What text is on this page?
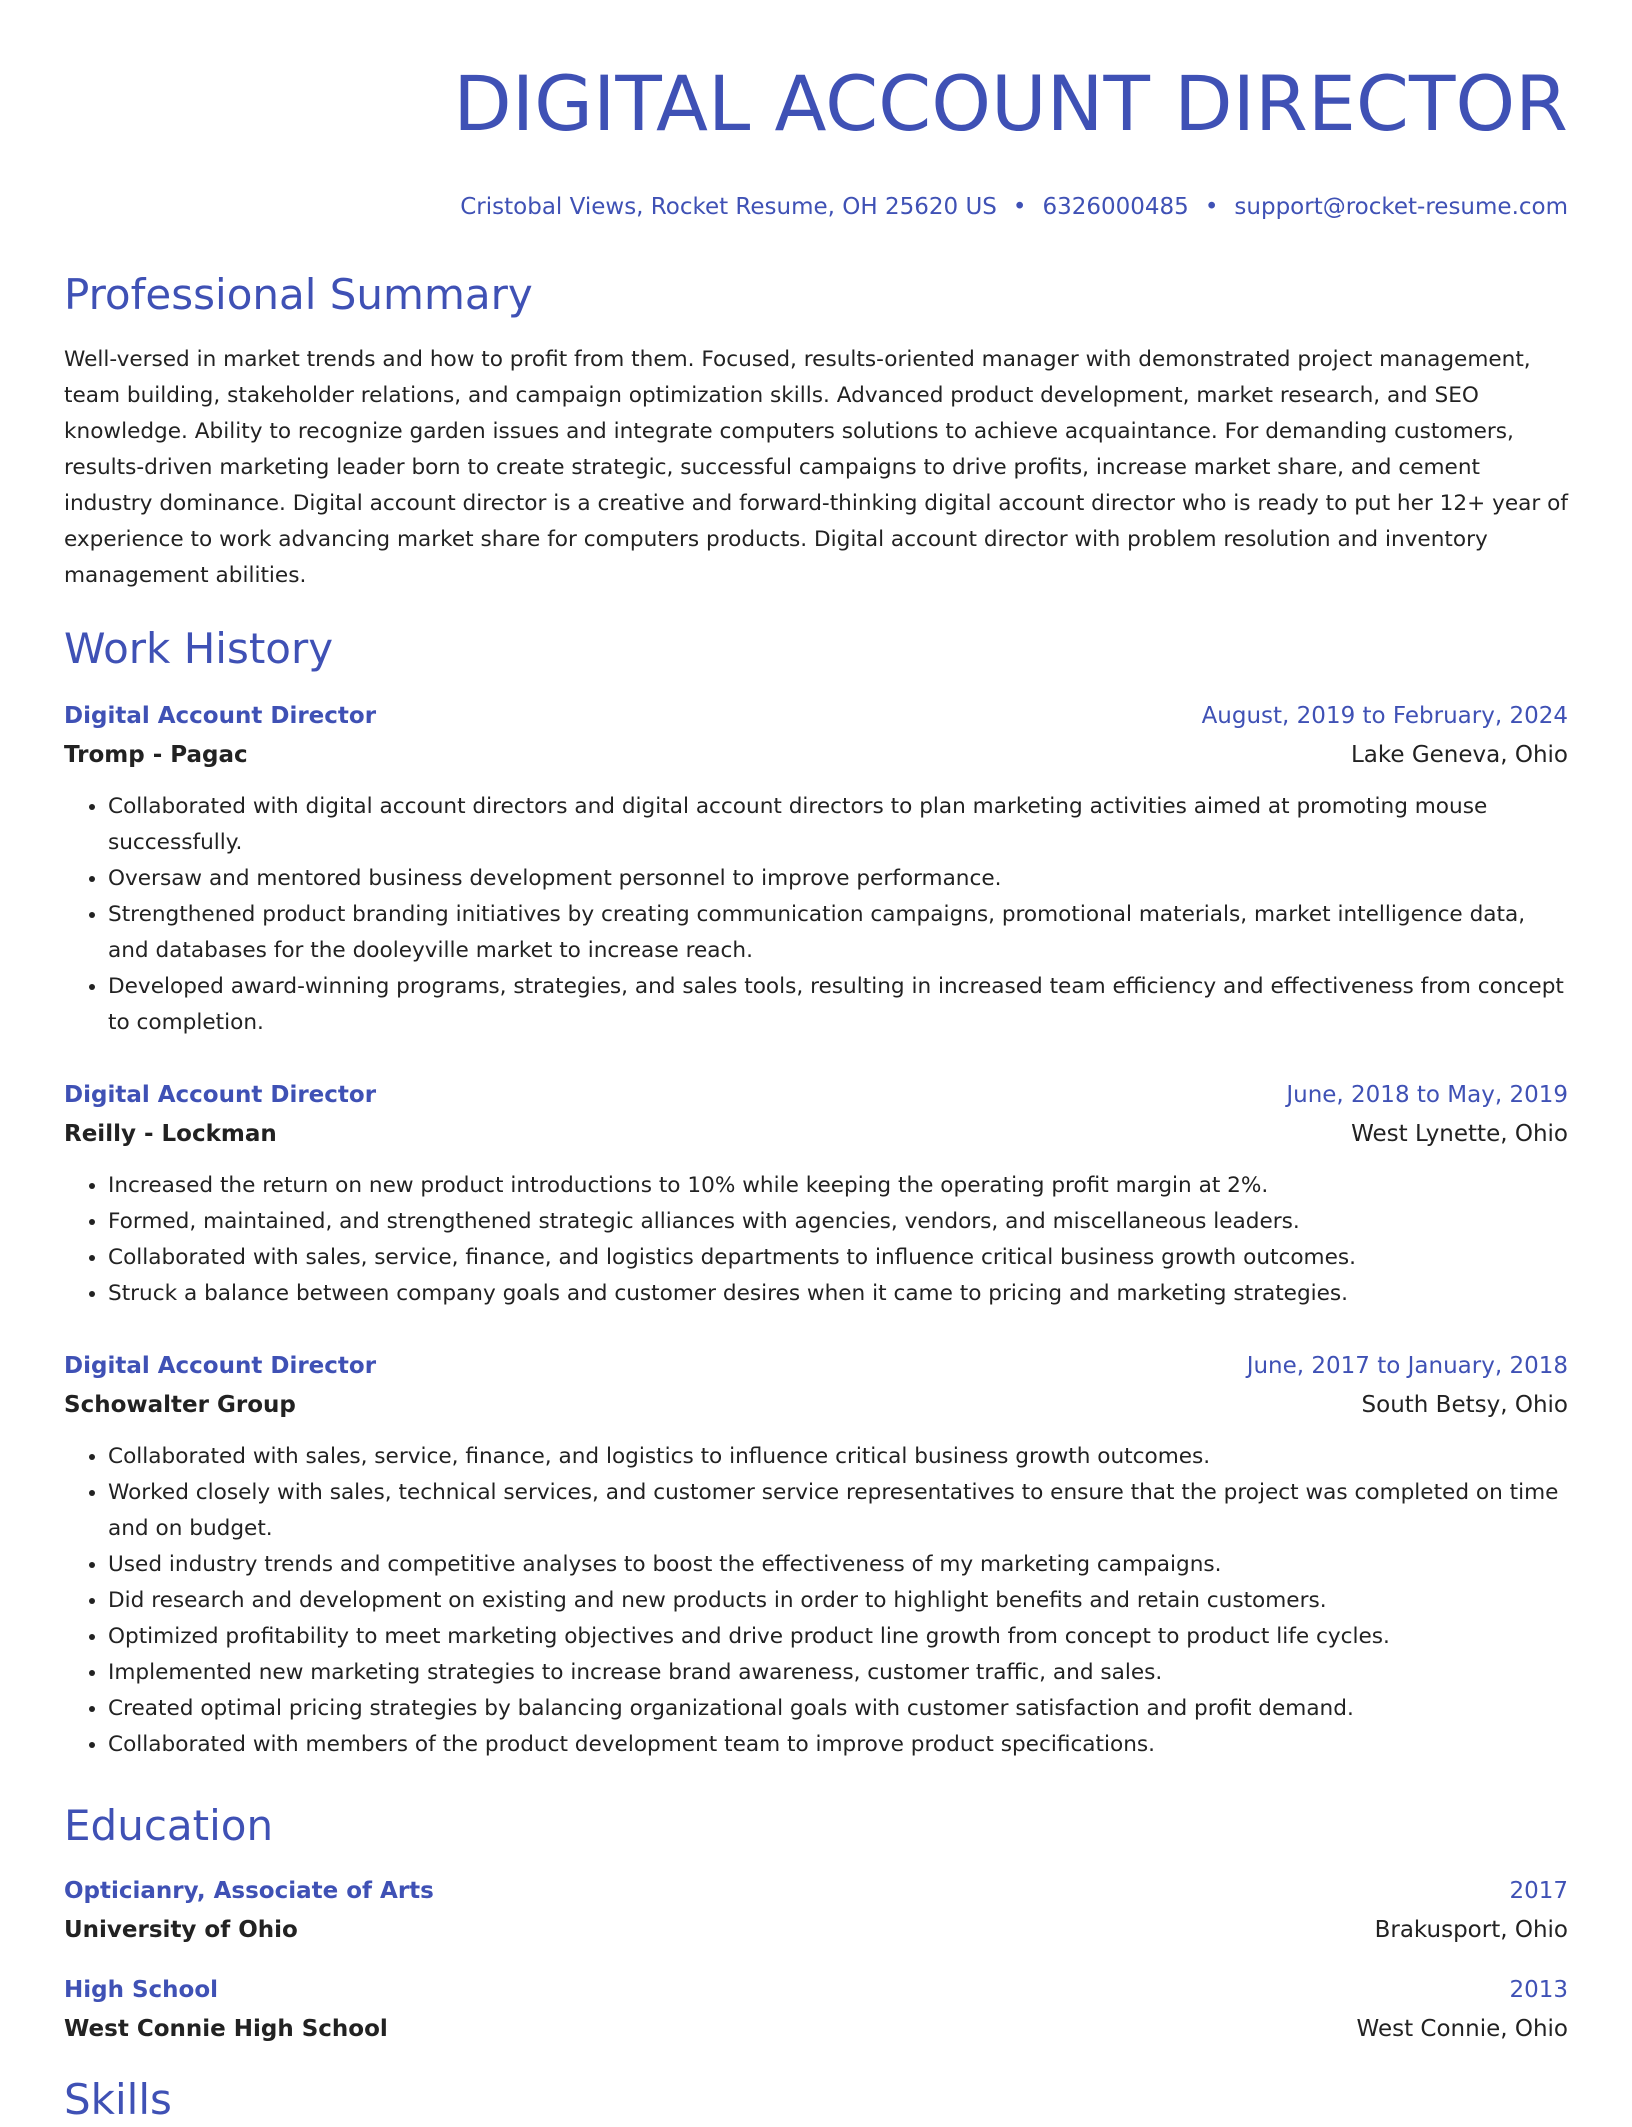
DIGITAL ACCOUNT DIRECTOR
Cristobal Views, Rocket Resume, OH 25620 US • 6326000485 • support@rocket-resume.com
Professional Summary

Well-versed in market trends and how to profit from them. Focused, results-oriented manager with demonstrated project management, team building, stakeholder relations, and campaign optimization skills. Advanced product development, market research, and SEO knowledge. Ability to recognize garden issues and integrate computers solutions to achieve acquaintance. For demanding customers, results-driven marketing leader born to create strategic, successful campaigns to drive profits, increase market share, and cement industry dominance. Digital account director is a creative and forward-thinking digital account director who is ready to put her 12+ year of experience to work advancing market share for computers products. Digital account director with problem resolution and inventory management abilities.

Work History
Digital Account Director	August, 2019 to February, 2024
Tromp - Pagac	Lake Geneva, Ohio
• Collaborated with digital account directors and digital account directors to plan marketing activities aimed at promoting mouse successfully.
• Oversaw and mentored business development personnel to improve performance.
• Strengthened product branding initiatives by creating communication campaigns, promotional materials, market intelligence data, and databases for the dooleyville market to increase reach.
• Developed award-winning programs, strategies, and sales tools, resulting in increased team efficiency and effectiveness from concept to completion.
Digital Account Director	June, 2018 to May, 2019
Reilly - Lockman	West Lynette, Ohio
• Increased the return on new product introductions to 10% while keeping the operating profit margin at 2%.
• Formed, maintained, and strengthened strategic alliances with agencies, vendors, and miscellaneous leaders.
• Collaborated with sales, service, finance, and logistics departments to influence critical business growth outcomes.
• Struck a balance between company goals and customer desires when it came to pricing and marketing strategies.
Digital Account Director	June, 2017 to January, 2018
Schowalter Group	South Betsy, Ohio
• Collaborated with sales, service, finance, and logistics to influence critical business growth outcomes.
• Worked closely with sales, technical services, and customer service representatives to ensure that the project was completed on time and on budget.
• Used industry trends and competitive analyses to boost the effectiveness of my marketing campaigns.
• Did research and development on existing and new products in order to highlight benefits and retain customers.
• Optimized profitability to meet marketing objectives and drive product line growth from concept to product life cycles.
• Implemented new marketing strategies to increase brand awareness, customer traffic, and sales.
• Created optimal pricing strategies by balancing organizational goals with customer satisfaction and profit demand.
• Collaborated with members of the product development team to improve product specifications.
Education
Opticianry, Associate of Arts	2017
University of Ohio	Brakusport, Ohio
High School	2013
West Connie High School	West Connie, Ohio
Skills
